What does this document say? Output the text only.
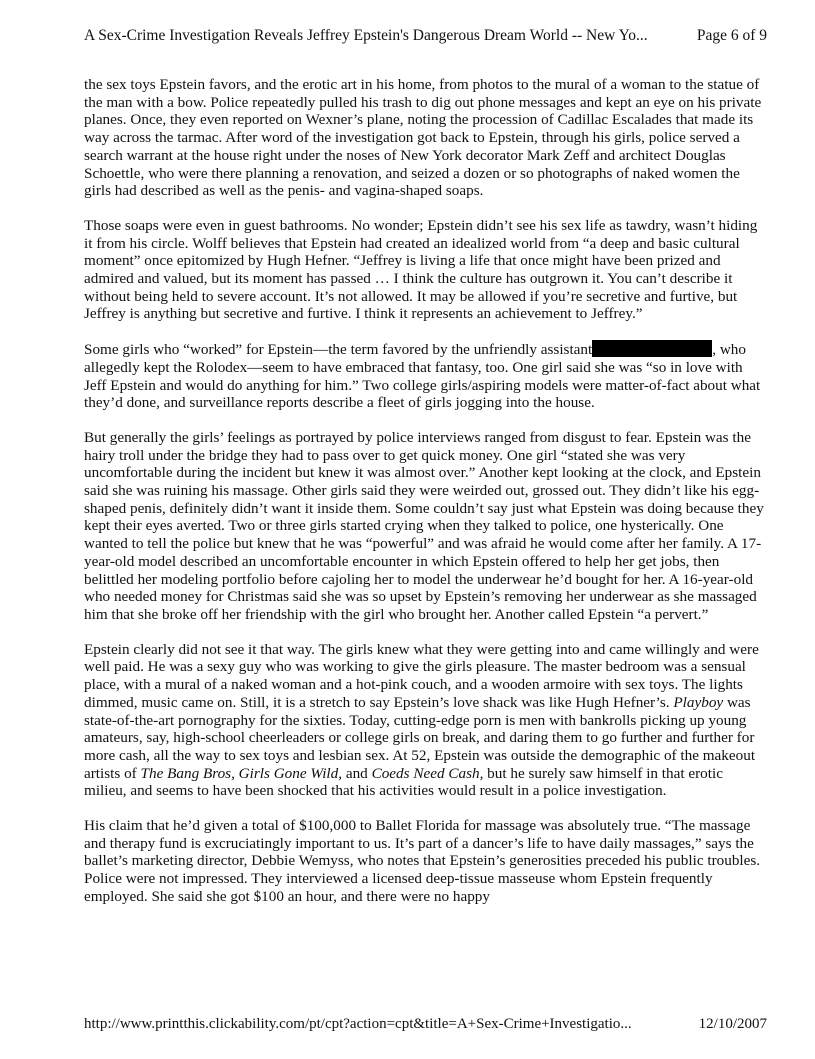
A Sex-Crime Investigation Reveals Jeffrey Epstein's Dangerous Dream World -- New Yo...	Page 6 of 9

the sex toys Epstein favors, and the erotic art in his home, from photos to the mural of a woman to the statue of the man with a bow. Police repeatedly pulled his trash to dig out phone messages and kept an eye on his private planes. Once, they even reported on Wexner’s plane, noting the procession of Cadillac Escalades that made its way across the tarmac. After word of the investigation got back to Epstein, through his girls, police served a search warrant at the house right under the noses of New York decorator Mark Zeff and architect Douglas Schoettle, who were there planning a renovation, and seized a dozen or so photographs of naked women the girls had described as well as the penis- and vagina-shaped soaps.

Those soaps were even in guest bathrooms. No wonder; Epstein didn’t see his sex life as tawdry, wasn’t hiding it from his circle. Wolff believes that Epstein had created an idealized world from “a deep and basic cultural moment” once epitomized by Hugh Hefner. “Jeffrey is living a life that once might have been prized and admired and valued, but its moment has passed … I think the culture has outgrown it. You can’t describe it without being held to severe account. It’s not allowed. It may be allowed if you’re secretive and furtive, but Jeffrey is anything but secretive and furtive. I think it represents an achievement to Jeffrey.”

Some girls who “worked” for Epstein—the term favored by the unfriendly assistant	, who allegedly kept the Rolodex—seem to have embraced that fantasy, too. One girl said she was “so in love with Jeff Epstein and would do anything for him.” Two college girls/aspiring models were matter-of-fact about what they’d done, and surveillance reports describe a fleet of girls jogging into the house.

But generally the girls’ feelings as portrayed by police interviews ranged from disgust to fear. Epstein was the hairy troll under the bridge they had to pass over to get quick money. One girl “stated she was very uncomfortable during the incident but knew it was almost over.” Another kept looking at the clock, and Epstein said she was ruining his massage. Other girls said they were weirded out, grossed out. They didn’t like his egg-shaped penis, definitely didn’t want it inside them. Some couldn’t say just what Epstein was doing because they kept their eyes averted. Two or three girls started crying when they talked to police, one hysterically. One wanted to tell the police but knew that he was “powerful” and was afraid he would come after her family. A 17-year-old model described an uncomfortable encounter in which Epstein offered to help her get jobs, then belittled her modeling portfolio before cajoling her to model the underwear he’d bought for her. A 16-year-old who needed money for Christmas said she was so upset by Epstein’s removing her underwear as she massaged him that she broke off her friendship with the girl who brought her. Another called Epstein “a pervert.”

Epstein clearly did not see it that way. The girls knew what they were getting into and came willingly and were well paid. He was a sexy guy who was working to give the girls pleasure. The master bedroom was a sensual place, with a mural of a naked woman and a hot-pink couch, and a wooden armoire with sex toys. The lights dimmed, music came on. Still, it is a stretch to say Epstein’s love shack was like Hugh Hefner’s. Playboy was state-of-the-art pornography for the sixties. Today, cutting-edge porn is men with bankrolls picking up young amateurs, say, high-school cheerleaders or college girls on break, and daring them to go further and further for more cash, all the way to sex toys and lesbian sex. At 52, Epstein was outside the demographic of the makeout artists of The Bang Bros, Girls Gone Wild, and Coeds Need Cash, but he surely saw himself in that erotic milieu, and seems to have been shocked that his activities would result in a police investigation.

His claim that he’d given a total of $100,000 to Ballet Florida for massage was absolutely true. “The massage and therapy fund is excruciatingly important to us. It’s part of a dancer’s life to have daily massages,” says the ballet’s marketing director, Debbie Wemyss, who notes that Epstein’s generosities preceded his public troubles. Police were not impressed. They interviewed a licensed deep-tissue masseuse whom Epstein frequently employed. She said she got $100 an hour, and there were no happy

http://www.printthis.clickability.com/pt/cpt?action=cpt&title=A+Sex-Crime+Investigatio...	12/10/2007
